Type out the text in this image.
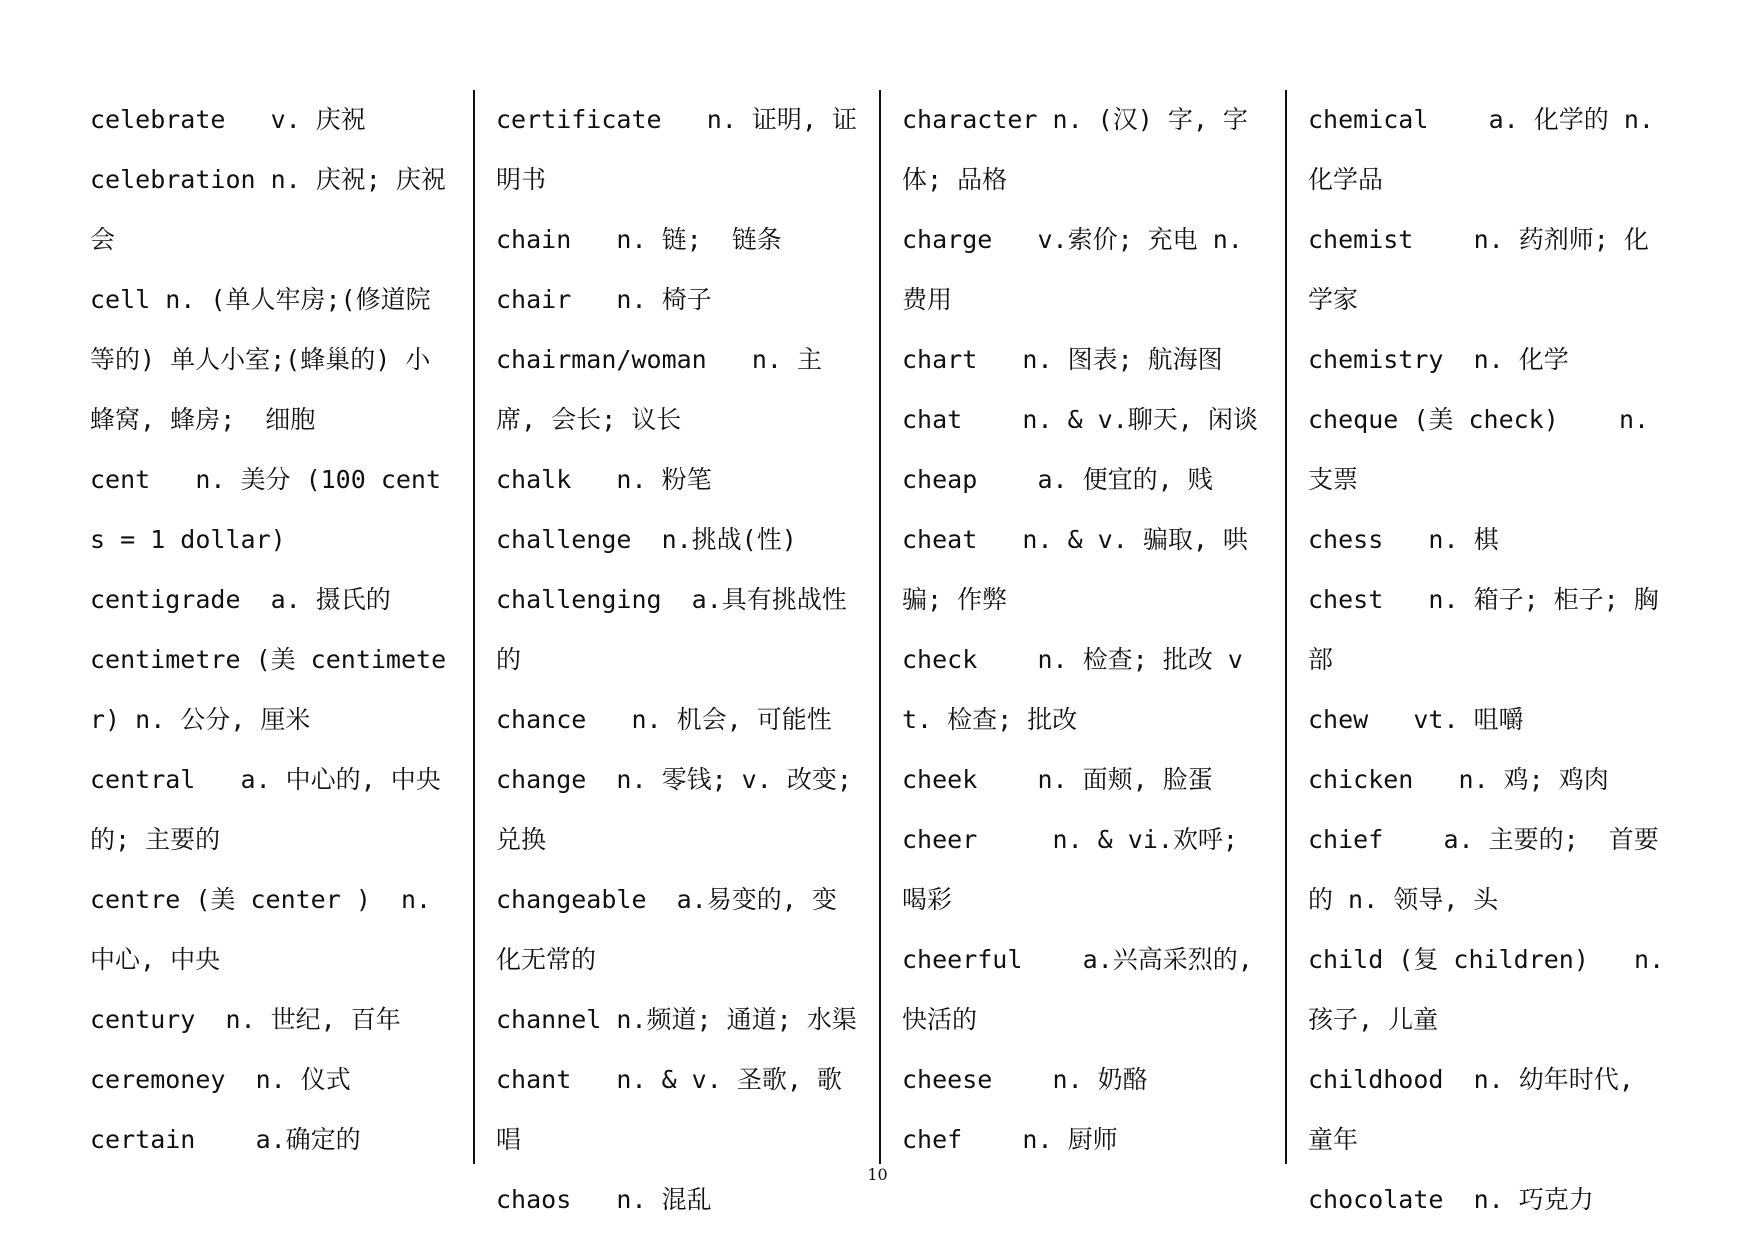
celebrate   v. 庆祝

celebration n. 庆祝; 庆祝会

cell n. (单人牢房;(修道院等的) 单人小室;(蜂巢的) 小蜂窝, 蜂房;  细胞

cent   n. 美分 (100 cents = 1 dollar)

centigrade  a. 摄氏的

centimetre (美 centimeter) n. 公分, 厘米

central   a. 中心的, 中央的; 主要的

centre (美 center )  n. 中心, 中央

century  n. 世纪, 百年

ceremoney  n. 仪式

certain    a.确定的

certificate   n. 证明, 证明书

chain   n. 链;  链条

chair   n. 椅子

chairman/woman   n. 主席, 会长; 议长

chalk   n. 粉笔

challenge  n.挑战(性)

challenging  a.具有挑战性的

chance   n. 机会, 可能性

change  n. 零钱; v. 改变; 兑换

changeable  a.易变的, 变化无常的

channel n.频道; 通道; 水渠

chant   n. & v. 圣歌, 歌唱

chaos   n. 混乱

character n. (汉) 字, 字体; 品格

charge   v.索价; 充电 n. 费用

chart   n. 图表; 航海图

chat    n. & v.聊天, 闲谈

cheap    a. 便宜的, 贱

cheat   n. & v. 骗取, 哄骗; 作弊

check    n. 检查; 批改 vt. 检查; 批改

cheek    n. 面颊, 脸蛋

cheer     n. & vi.欢呼;  喝彩

cheerful    a.兴高采烈的, 快活的

cheese    n. 奶酪

chef    n. 厨师

chemical    a. 化学的 n. 化学品

chemist    n. 药剂师; 化学家

chemistry  n. 化学

cheque (美 check)    n.  支票

chess   n. 棋

chest   n. 箱子; 柜子; 胸部

chew   vt. 咀嚼

chicken   n. 鸡; 鸡肉

chief    a. 主要的;  首要的 n. 领导, 头

child (复 children)   n. 孩子, 儿童

childhood  n. 幼年时代, 童年

chocolate  n. 巧克力

10
